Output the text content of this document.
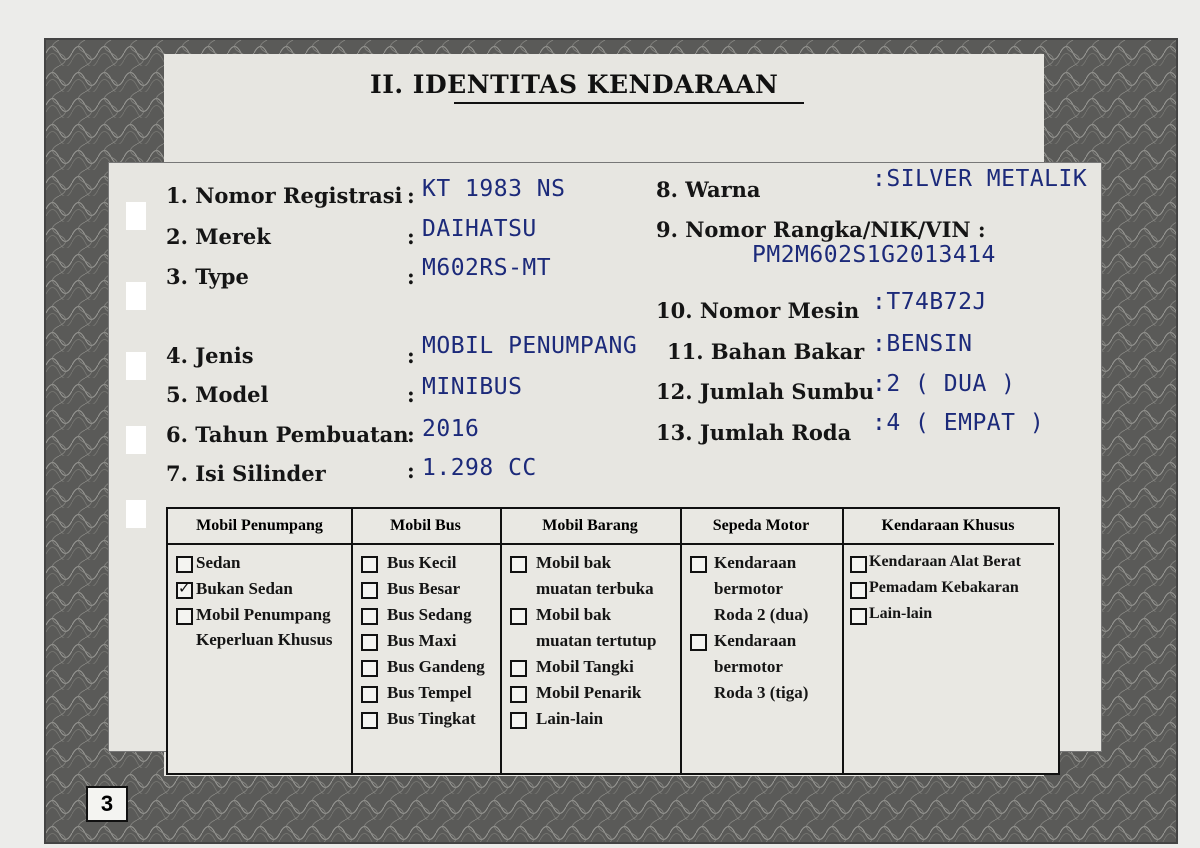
II. IDENTITAS KENDARAAN
1. Nomor Registrasi : KT 1983 NS
2. Merek	: DAIHATSU
3. Type	: M602RS-MT
4. Jenis	: MOBIL PENUMPANG
5. Model	: MINIBUS
6. Tahun Pembuatan
: 2016
7. Isi Silinder	: 1.298 CC
8. Warna	:SILVER METALIK
9. Nomor Rangka/NIK/VIN :
PM2M602S1G2013414
10. Nomor Mesin :T74B72J
11. Bahan Bakar :BENSIN
12. Jumlah Sumbu
:2 ( DUA )
13. Jumlah Roda :4 ( EMPAT )
Mobil Penumpang
Sedan
✓
Bukan Sedan
Mobil Penumpang
Keperluan Khusus
Mobil Bus
Bus Kecil
Bus Besar
Bus Sedang
Bus Maxi
Bus Gandeng
Bus Tempel
Bus Tingkat
Mobil Barang
Mobil bak
muatan terbuka
Mobil bak
muatan tertutup
Mobil Tangki
Mobil Penarik
Lain-lain
Sepeda Motor
Kendaraan
bermotor
Roda 2 (dua)
Kendaraan
bermotor
Roda 3 (tiga)
Kendaraan Khusus
Kendaraan Alat Berat
Pemadam Kebakaran
Lain-lain
3
